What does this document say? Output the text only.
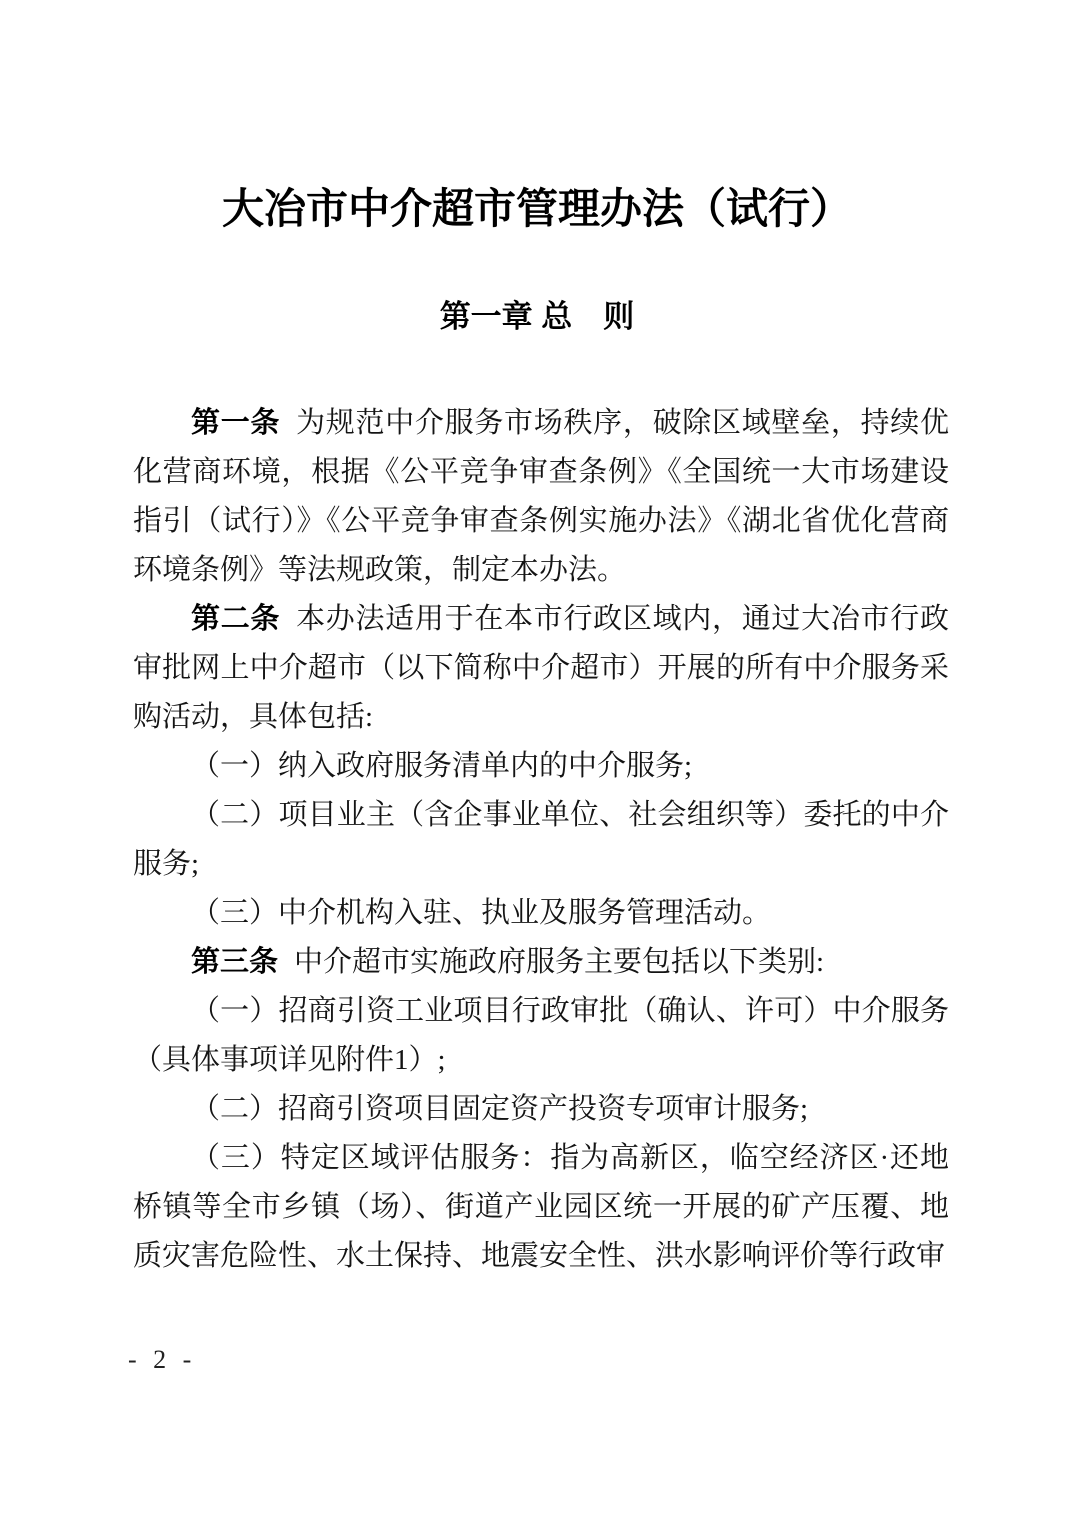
大冶市中介超市管理办法（试行）
第一章 总　则

第一条 为规范中介服务市场秩序，破除区域壁垒，持续优化营商环境，根据《公平竞争审查条例》《全国统一大市场建设指引（试行）》《公平竞争审查条例实施办法》《湖北省优化营商环境条例》等法规政策，制定本办法。

第二条 本办法适用于在本市行政区域内，通过大冶市行政审批网上中介超市（以下简称中介超市）开展的所有中介服务采购活动，具体包括:

（一）纳入政府服务清单内的中介服务;

（二）项目业主（含企事业单位、社会组织等）委托的中介服务;

（三）中介机构入驻、执业及服务管理活动。

第三条 中介超市实施政府服务主要包括以下类别:

（一）招商引资工业项目行政审批（确认、许可）中介服务（具体事项详见附件1）;

（二）招商引资项目固定资产投资专项审计服务;

（三）特定区域评估服务：指为高新区，临空经济区·还地桥镇等全市乡镇（场）、街道产业园区统一开展的矿产压覆、地质灾害危险性、水土保持、地震安全性、洪水影响评价等行政审

- 2 -
